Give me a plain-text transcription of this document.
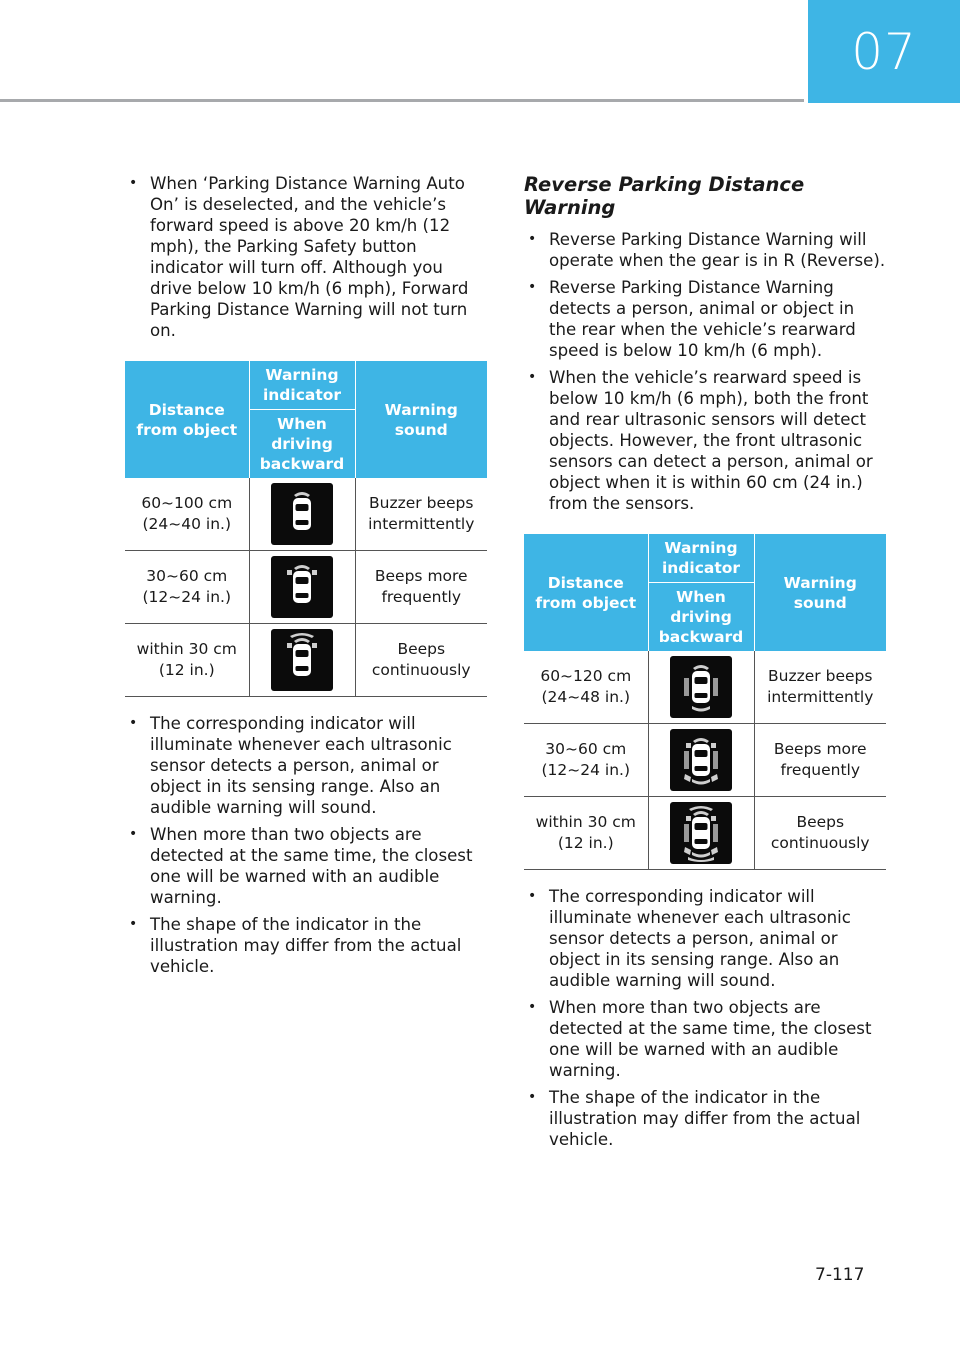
07
• When ‘Parking Distance Warning Auto On’ is deselected, and the vehicle’s forward speed is above 20 km/h (12 mph), the Parking Safety button indicator will turn off. Although you drive below 10 km/h (6 mph), Forward Parking Distance Warning will not turn on.
Distance from object	Warning indicator	Warning sound
	When driving backward	
60~100 cm (24~40 in.)		Buzzer beeps intermittently
30~60 cm (12~24 in.)		Beeps more frequently
within 30 cm (12 in.)		Beeps continuously
• The corresponding indicator will illuminate whenever each ultrasonic sensor detects a person, animal or object in its sensing range. Also an audible warning will sound.
• When more than two objects are detected at the same time, the closest one will be warned with an audible warning.
• The shape of the indicator in the illustration may differ from the actual vehicle.
Reverse Parking Distance Warning
• Reverse Parking Distance Warning will operate when the gear is in R (Reverse).
• Reverse Parking Distance Warning detects a person, animal or object in the rear when the vehicle’s rearward speed is below 10 km/h (6 mph).
• When the vehicle’s rearward speed is below 10 km/h (6 mph), both the front and rear ultrasonic sensors will detect objects. However, the front ultrasonic sensors can detect a person, animal or object when it is within 60 cm (24 in.) from the sensors.
Distance from object	Warning indicator	Warning sound
	When driving backward	
60~120 cm (24~48 in.)		Buzzer beeps intermittently
30~60 cm (12~24 in.)		Beeps more frequently
within 30 cm (12 in.)		Beeps continuously
• The corresponding indicator will illuminate whenever each ultrasonic sensor detects a person, animal or object in its sensing range. Also an audible warning will sound.
• When more than two objects are detected at the same time, the closest one will be warned with an audible warning.
• The shape of the indicator in the illustration may differ from the actual vehicle.
7-117
